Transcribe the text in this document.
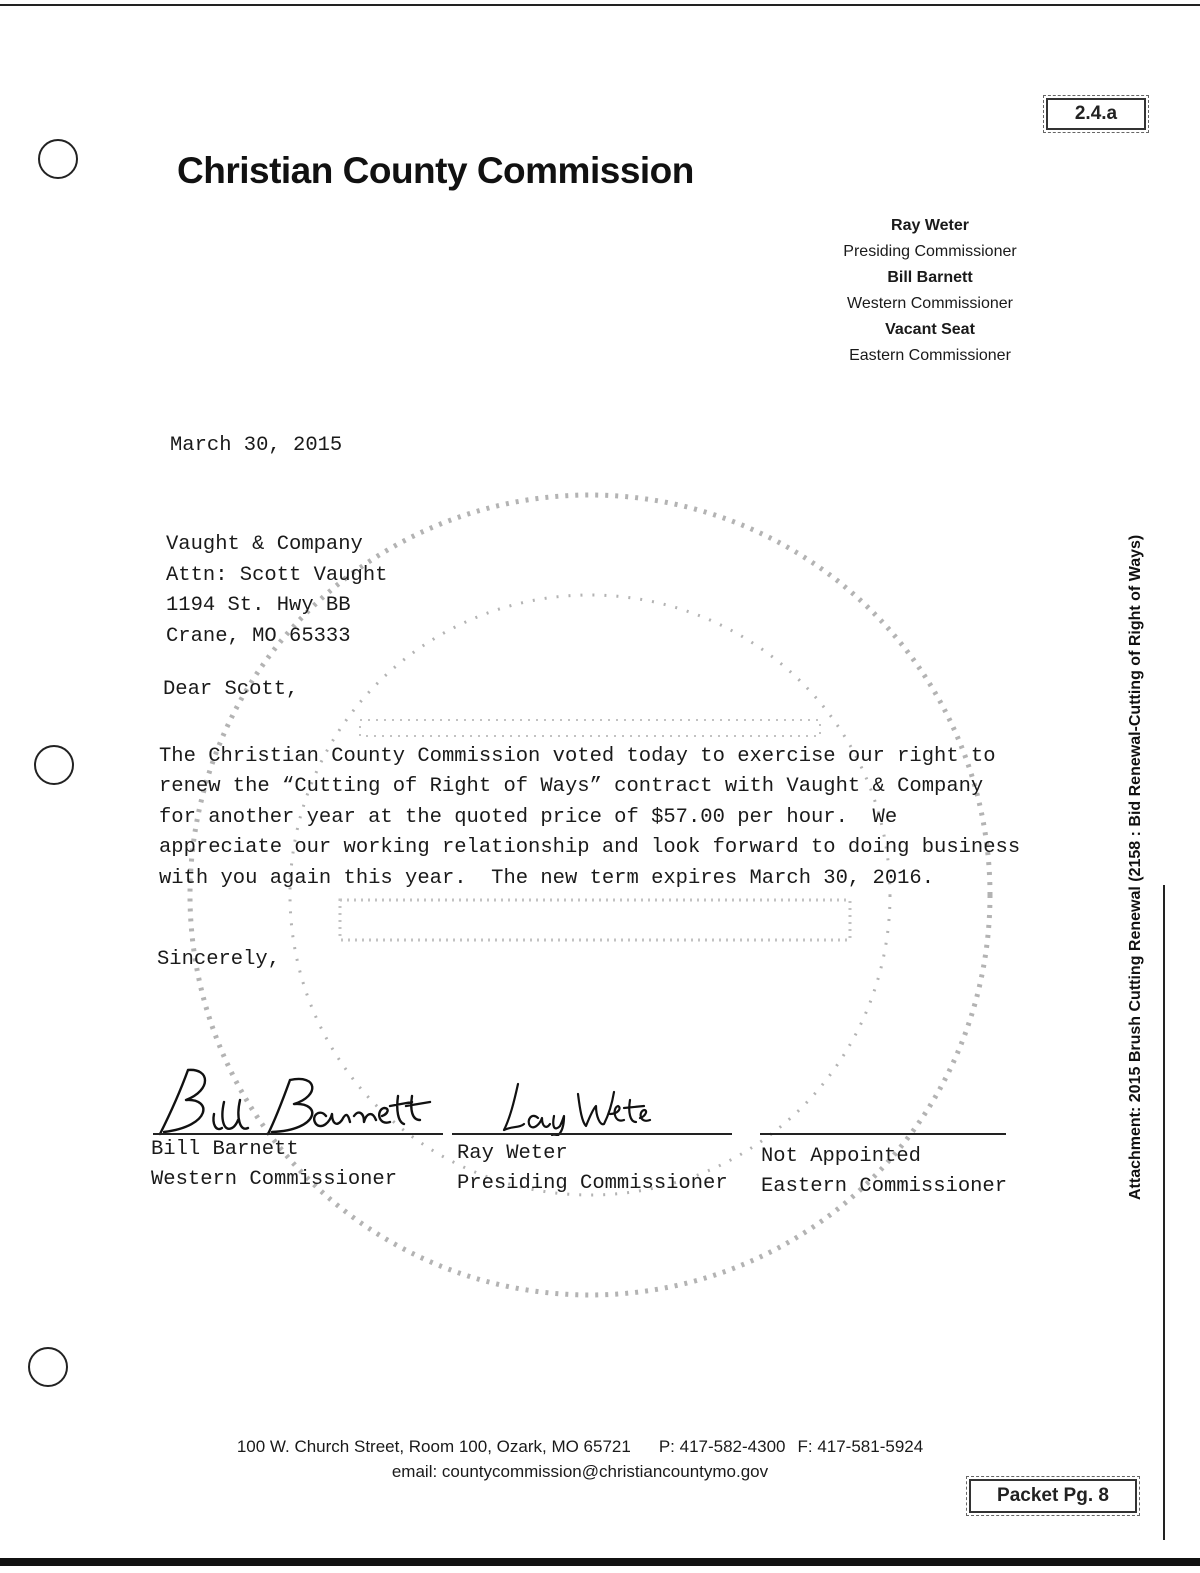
2.4.a
Christian County Commission
Ray Weter
Presiding Commissioner
Bill Barnett
Western Commissioner
Vacant Seat
Eastern Commissioner
March 30, 2015
Vaught & Company
Attn: Scott Vaught
1194 St. Hwy BB
Crane, MO 65333
Dear Scott,
The Christian County Commission voted today to exercise our right to
renew the “Cutting of Right of Ways” contract with Vaught & Company
for another year at the quoted price of $57.00 per hour.  We
appreciate our working relationship and look forward to doing business
with you again this year.  The new term expires March 30, 2016.
Sincerely,
Bill Barnett
Western Commissioner
Ray Weter
Presiding Commissioner
Not Appointed
Eastern Commissioner
100 W. Church Street, Room 100, Ozark, MO 65721 P: 417-582-4300 F: 417-581-5924
email: countycommission@christiancountymo.gov
Packet Pg. 8
Attachment: 2015 Brush Cutting Renewal (2158 : Bid Renewal-Cutting of Right of Ways)
